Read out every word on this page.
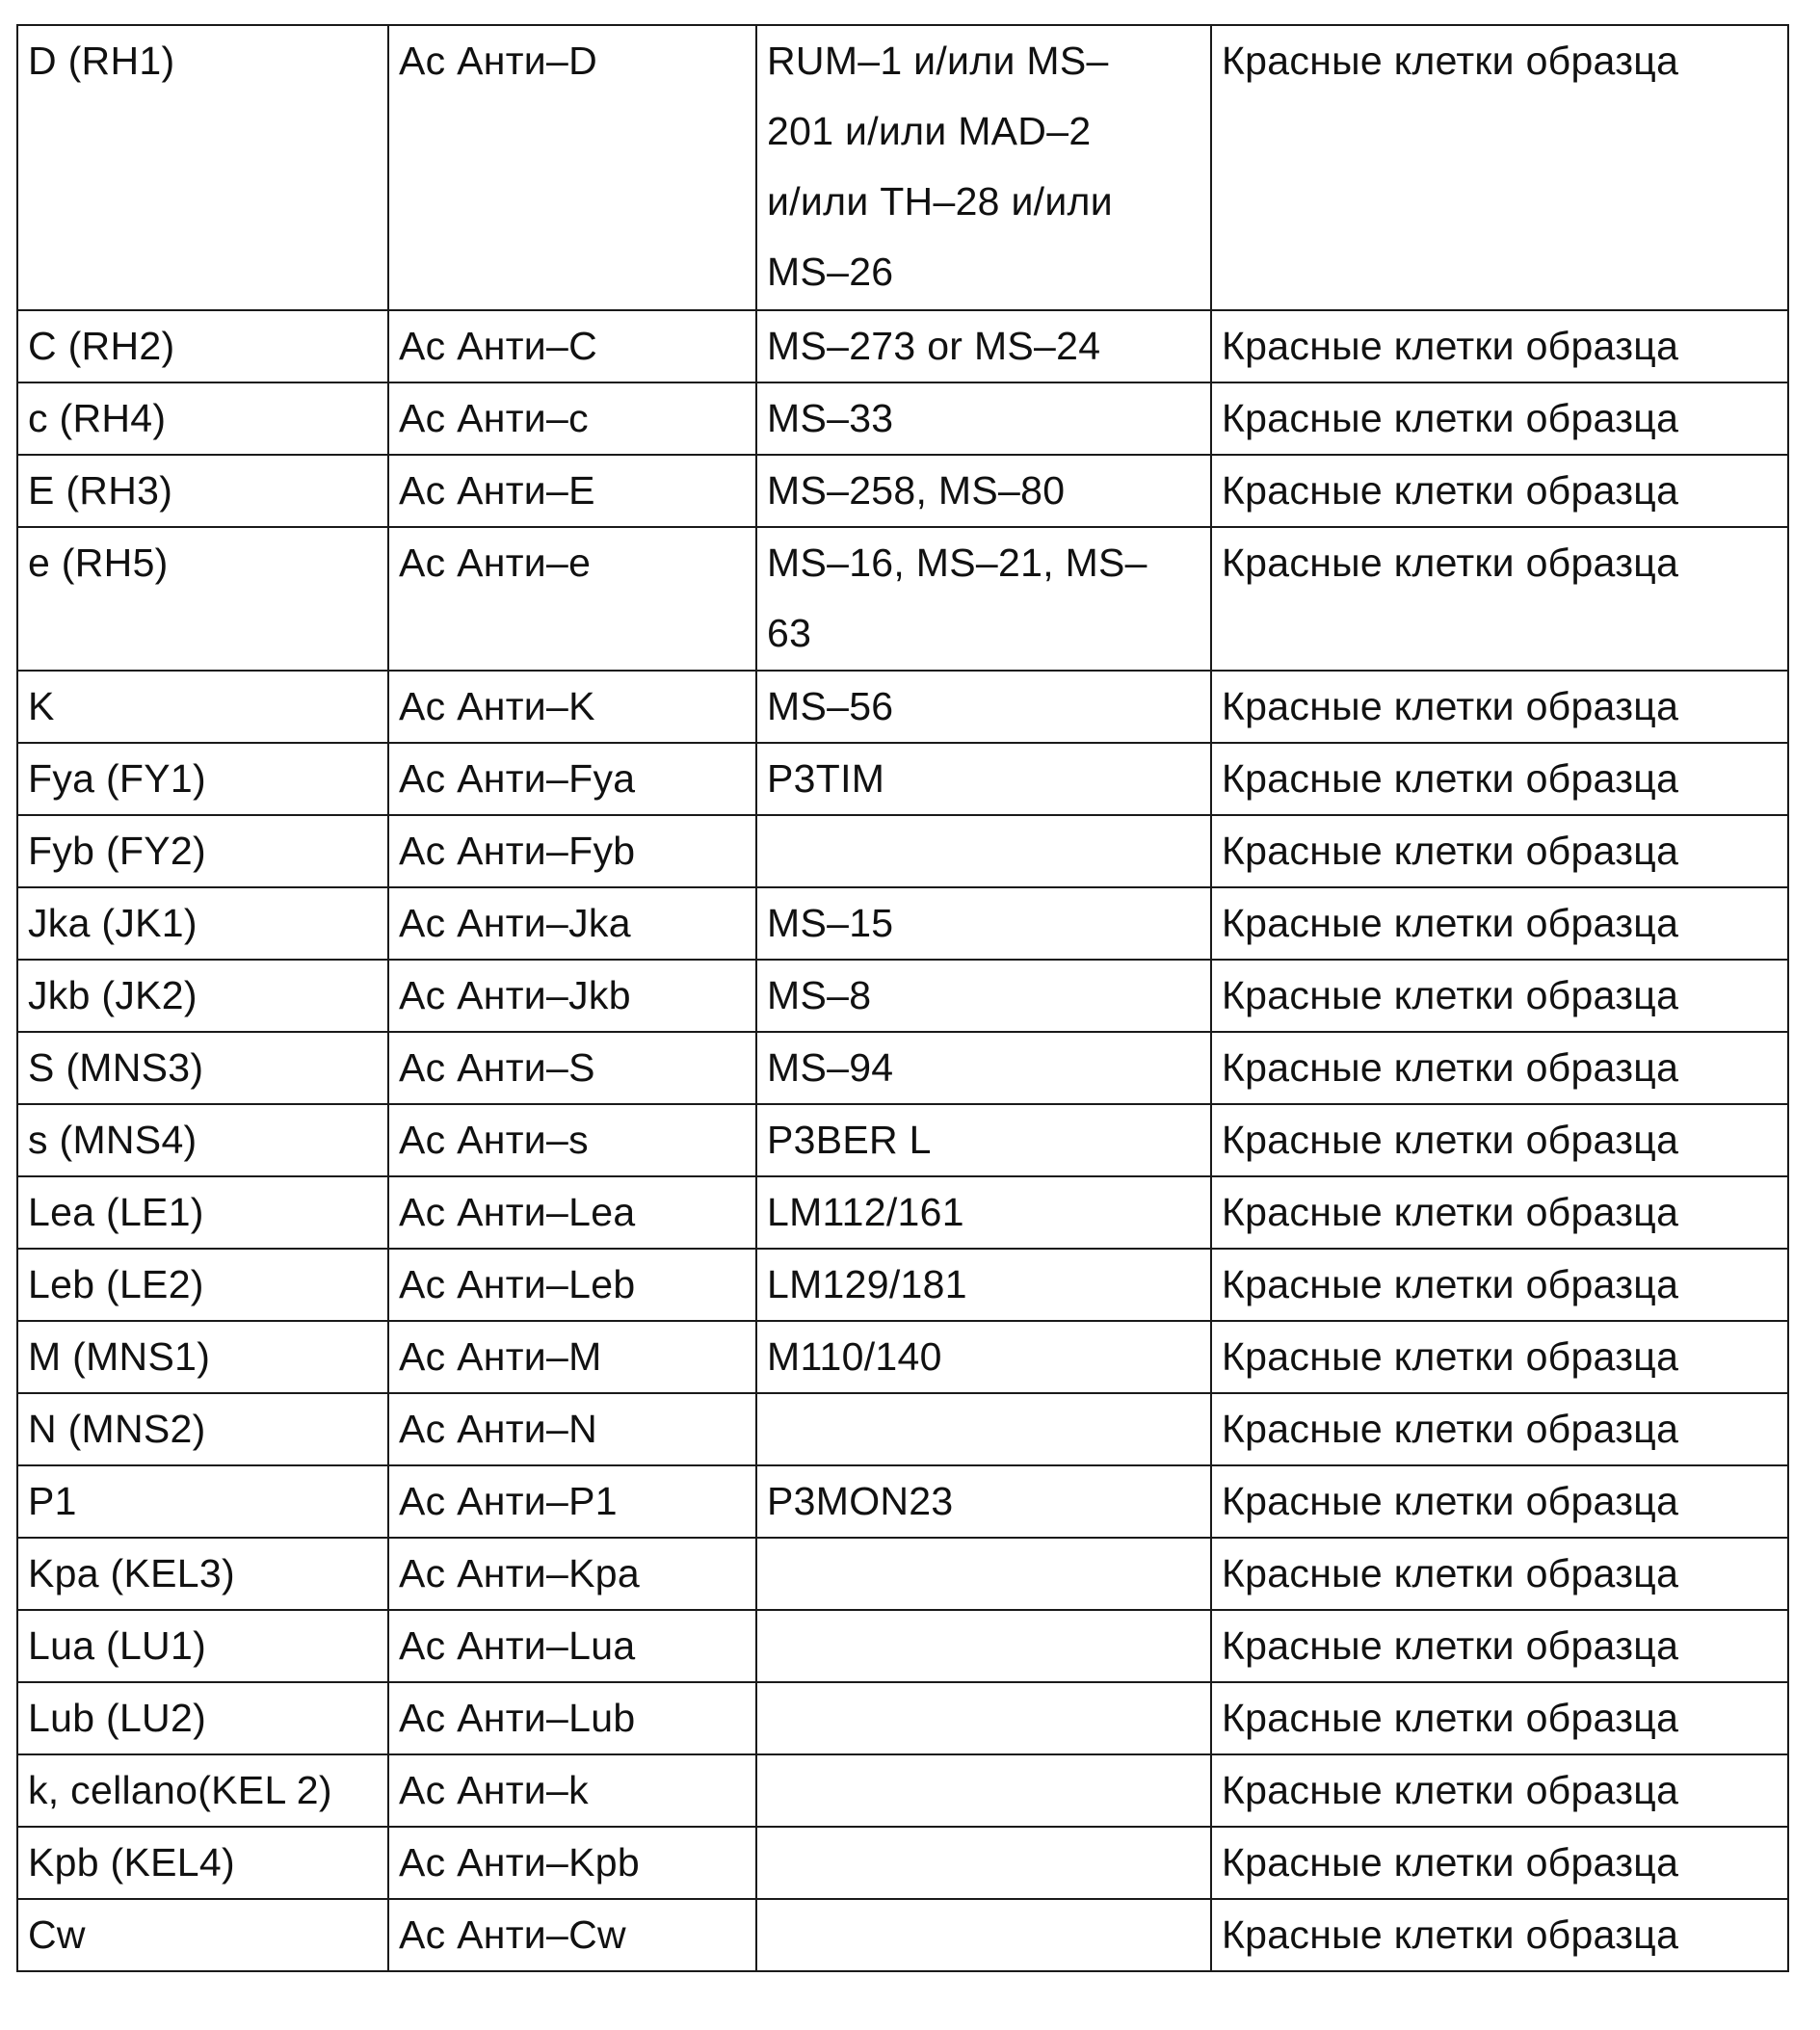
D (RH1)	Ac Анти–D	RUM–1 и/или MS–
201 и/или MAD–2
и/или TH–28 и/или
MS–26	Красные клетки образца

C (RH2)	Ac Анти–C	MS–273 or MS–24	Красные клетки образца

c (RH4)	Ac Анти–c	MS–33	Красные клетки образца

E (RH3)	Ac Анти–E	MS–258, MS–80	Красные клетки образца

e (RH5)	Ac Анти–e	MS–16, MS–21, MS–
63	Красные клетки образца

K	Ac Анти–K	MS–56	Красные клетки образца

Fya (FY1)	Ac Анти–Fya	P3TIM	Красные клетки образца

Fyb (FY2)	Ac Анти–Fyb		Красные клетки образца

Jka (JK1)	Ac Анти–Jka	MS–15	Красные клетки образца

Jkb (JK2)	Ac Анти–Jkb	MS–8	Красные клетки образца

S (MNS3)	Ac Анти–S	MS–94	Красные клетки образца

s (MNS4)	Ac Анти–s	P3BER L	Красные клетки образца

Lea (LE1)	Ac Анти–Lea	LM112/161	Красные клетки образца

Leb (LE2)	Ac Анти–Leb	LM129/181	Красные клетки образца

M (MNS1)	Ac Анти–M	M110/140	Красные клетки образца

N (MNS2)	Ac Анти–N		Красные клетки образца

P1	Ac Анти–P1	P3MON23	Красные клетки образца

Kpa (KEL3)	Ac Анти–Kpa		Красные клетки образца

Lua (LU1)	Ac Анти–Lua		Красные клетки образца

Lub (LU2)	Ac Анти–Lub		Красные клетки образца

k, cellano(KEL 2)	Ac Анти–k		Красные клетки образца

Kpb (KEL4)	Ac Анти–Kpb		Красные клетки образца

Cw	Ac Анти–Cw		Красные клетки образца
